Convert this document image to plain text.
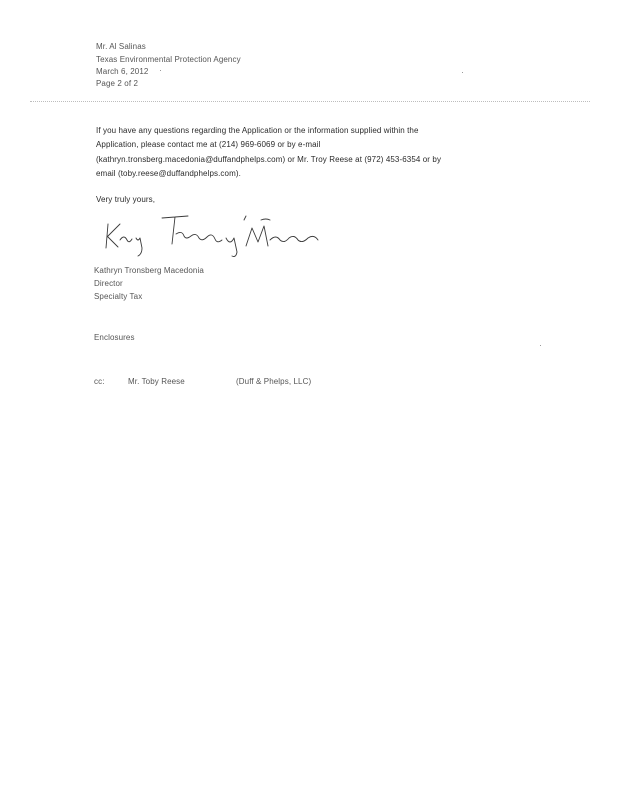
Mr. Al Salinas
Texas Environmental Protection Agency
March 6, 2012
Page 2 of 2
If you have any questions regarding the Application or the information supplied within the
Application, please contact me at (214) 969-6069 or by e-mail
(kathryn.tronsberg.macedonia@duffandphelps.com) or Mr. Troy Reese at (972) 453-6354 or by
email (toby.reese@duffandphelps.com).
Very truly yours,
Kathryn Tronsberg Macedonia
Director
Specialty Tax
Enclosures
cc:	Mr. Toby Reese	(Duff & Phelps, LLC)
